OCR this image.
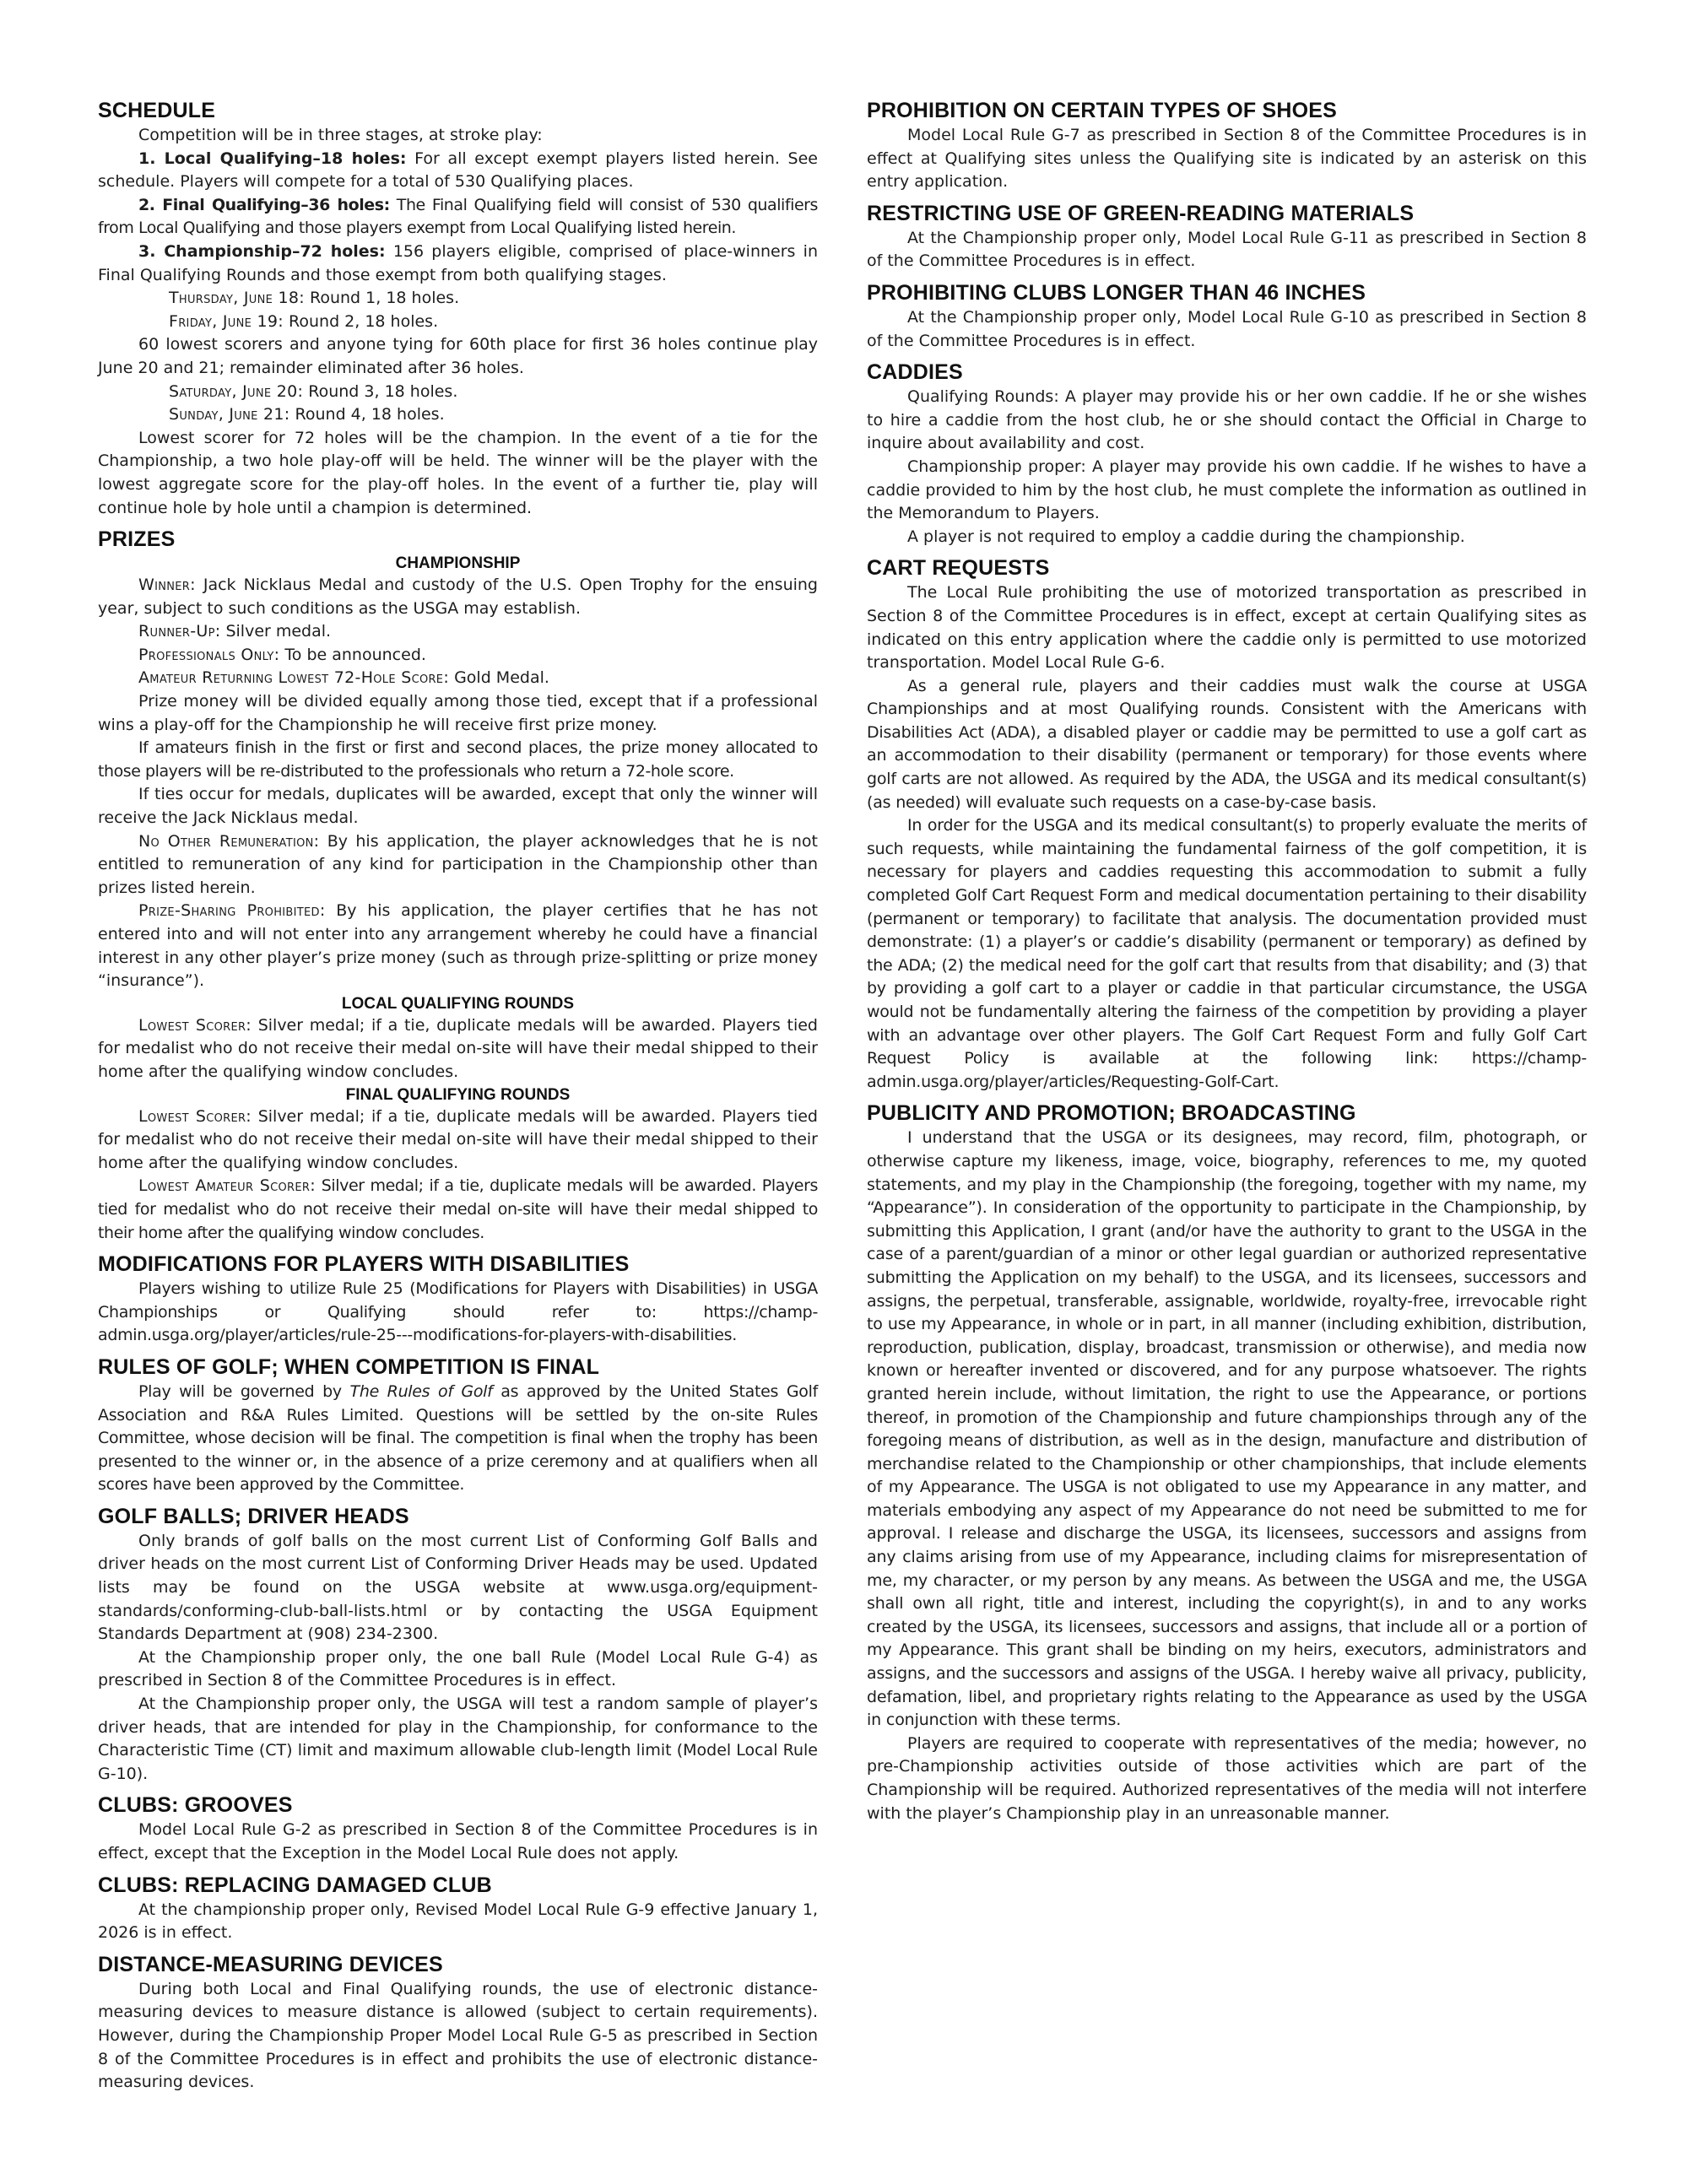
SCHEDULE

Competition will be in three stages, at stroke play:

1. Local Qualifying–18 holes: For all except exempt players listed herein. See schedule. Players will compete for a total of 530 Qualifying places.

2. Final Qualifying–36 holes: The Final Qualifying field will consist of 530 qualifiers from Local Qualifying and those players exempt from Local Qualifying listed herein.

3. Championship–72 holes: 156 players eligible, comprised of place-winners in Final Qualifying Rounds and those exempt from both qualifying stages.

Thursday, June 18: Round 1, 18 holes.

Friday, June 19: Round 2, 18 holes.

60 lowest scorers and anyone tying for 60th place for first 36 holes continue play June 20 and 21; remainder eliminated after 36 holes.

Saturday, June 20: Round 3, 18 holes.

Sunday, June 21: Round 4, 18 holes.

Lowest scorer for 72 holes will be the champion. In the event of a tie for the Championship, a two hole play-off will be held. The winner will be the player with the lowest aggregate score for the play-off holes. In the event of a further tie, play will continue hole by hole until a champion is determined.

PRIZES
CHAMPIONSHIP

Winner: Jack Nicklaus Medal and custody of the U.S. Open Trophy for the ensuing year, subject to such conditions as the USGA may establish.

Runner-Up: Silver medal.

Professionals Only: To be announced.

Amateur Returning Lowest 72-Hole Score: Gold Medal.

Prize money will be divided equally among those tied, except that if a professional wins a play-off for the Championship he will receive first prize money.

If amateurs finish in the first or first and second places, the prize money allocated to those players will be re-distributed to the professionals who return a 72-hole score.

If ties occur for medals, duplicates will be awarded, except that only the winner will receive the Jack Nicklaus medal.

No Other Remuneration: By his application, the player acknowledges that he is not entitled to remuneration of any kind for participation in the Championship other than prizes listed herein.

Prize-Sharing Prohibited: By his application, the player certifies that he has not entered into and will not enter into any arrangement whereby he could have a financial interest in any other player’s prize money (such as through prize-splitting or prize money “insurance”).

LOCAL QUALIFYING ROUNDS

Lowest Scorer: Silver medal; if a tie, duplicate medals will be awarded. Players tied for medalist who do not receive their medal on-site will have their medal shipped to their home after the qualifying window concludes.

FINAL QUALIFYING ROUNDS

Lowest Scorer: Silver medal; if a tie, duplicate medals will be awarded. Players tied for medalist who do not receive their medal on-site will have their medal shipped to their home after the qualifying window concludes.

Lowest Amateur Scorer: Silver medal; if a tie, duplicate medals will be awarded. Players tied for medalist who do not receive their medal on-site will have their medal shipped to their home after the qualifying window concludes.

MODIFICATIONS FOR PLAYERS WITH DISABILITIES

Players wishing to utilize Rule 25 (Modifications for Players with Disabilities) in USGA Championships or Qualifying should refer to: https://champ-admin.usga.org/player/articles/rule-25---modifications-for-players-with-disabilities.

RULES OF GOLF; WHEN COMPETITION IS FINAL

Play will be governed by The Rules of Golf as approved by the United States Golf Association and R&A Rules Limited. Questions will be settled by the on-site Rules Committee, whose decision will be final. The competition is final when the trophy has been presented to the winner or, in the absence of a prize ceremony and at qualifiers when all scores have been approved by the Committee.

GOLF BALLS; DRIVER HEADS

Only brands of golf balls on the most current List of Conforming Golf Balls and driver heads on the most current List of Conforming Driver Heads may be used. Updated lists may be found on the USGA website at www.usga.org/equipment-standards/conforming-club-ball-lists.html or by contacting the USGA Equipment Standards Department at (908) 234-2300.

At the Championship proper only, the one ball Rule (Model Local Rule G-4) as prescribed in Section 8 of the Committee Procedures is in effect.

At the Championship proper only, the USGA will test a random sample of player’s driver heads, that are intended for play in the Championship, for conformance to the Characteristic Time (CT) limit and maximum allowable club-length limit (Model Local Rule G-10).

CLUBS: GROOVES

Model Local Rule G-2 as prescribed in Section 8 of the Committee Procedures is in effect, except that the Exception in the Model Local Rule does not apply.

CLUBS: REPLACING DAMAGED CLUB

At the championship proper only, Revised Model Local Rule G-9 effective January 1, 2026 is in effect.

DISTANCE-MEASURING DEVICES

During both Local and Final Qualifying rounds, the use of electronic distance-measuring devices to measure distance is allowed (subject to certain requirements). However, during the Championship Proper Model Local Rule G-5 as prescribed in Section 8 of the Committee Procedures is in effect and prohibits the use of electronic distance-measuring devices.

PROHIBITION ON CERTAIN TYPES OF SHOES

Model Local Rule G-7 as prescribed in Section 8 of the Committee Procedures is in effect at Qualifying sites unless the Qualifying site is indicated by an asterisk on this entry application.

RESTRICTING USE OF GREEN-READING MATERIALS

At the Championship proper only, Model Local Rule G-11 as prescribed in Section 8 of the Committee Procedures is in effect.

PROHIBITING CLUBS LONGER THAN 46 INCHES

At the Championship proper only, Model Local Rule G-10 as prescribed in Section 8 of the Committee Procedures is in effect.

CADDIES

Qualifying Rounds: A player may provide his or her own caddie. If he or she wishes to hire a caddie from the host club, he or she should contact the Official in Charge to inquire about availability and cost.

Championship proper: A player may provide his own caddie. If he wishes to have a caddie provided to him by the host club, he must complete the information as outlined in the Memorandum to Players.

A player is not required to employ a caddie during the championship.

CART REQUESTS

The Local Rule prohibiting the use of motorized transportation as prescribed in Section 8 of the Committee Procedures is in effect, except at certain Qualifying sites as indicated on this entry application where the caddie only is permitted to use motorized transportation. Model Local Rule G-6.

As a general rule, players and their caddies must walk the course at USGA Championships and at most Qualifying rounds. Consistent with the Americans with Disabilities Act (ADA), a disabled player or caddie may be permitted to use a golf cart as an accommodation to their disability (permanent or temporary) for those events where golf carts are not allowed. As required by the ADA, the USGA and its medical consultant(s) (as needed) will evaluate such requests on a case-by-case basis.

In order for the USGA and its medical consultant(s) to properly evaluate the merits of such requests, while maintaining the fundamental fairness of the golf competition, it is necessary for players and caddies requesting this accommodation to submit a fully completed Golf Cart Request Form and medical documentation pertaining to their disability (permanent or temporary) to facilitate that analysis. The documentation provided must demonstrate: (1) a player’s or caddie’s disability (permanent or temporary) as defined by the ADA; (2) the medical need for the golf cart that results from that disability; and (3) that by providing a golf cart to a player or caddie in that particular circumstance, the USGA would not be fundamentally altering the fairness of the competition by providing a player with an advantage over other players. The Golf Cart Request Form and fully Golf Cart Request Policy is available at the following link: https://champ-admin.usga.org/player/articles/Requesting-Golf-Cart.

PUBLICITY AND PROMOTION; BROADCASTING

I understand that the USGA or its designees, may record, film, photograph, or otherwise capture my likeness, image, voice, biography, references to me, my quoted statements, and my play in the Championship (the foregoing, together with my name, my “Appearance”). In consideration of the opportunity to participate in the Championship, by submitting this Application, I grant (and/or have the authority to grant to the USGA in the case of a parent/guardian of a minor or other legal guardian or authorized representative submitting the Application on my behalf) to the USGA, and its licensees, successors and assigns, the perpetual, transferable, assignable, worldwide, royalty-free, irrevocable right to use my Appearance, in whole or in part, in all manner (including exhibition, distribution, reproduction, publication, display, broadcast, transmission or otherwise), and media now known or hereafter invented or discovered, and for any purpose whatsoever. The rights granted herein include, without limitation, the right to use the Appearance, or portions thereof, in promotion of the Championship and future championships through any of the foregoing means of distribution, as well as in the design, manufacture and distribution of merchandise related to the Championship or other championships, that include elements of my Appearance. The USGA is not obligated to use my Appearance in any matter, and materials embodying any aspect of my Appearance do not need be submitted to me for approval. I release and discharge the USGA, its licensees, successors and assigns from any claims arising from use of my Appearance, including claims for misrepresentation of me, my character, or my person by any means. As between the USGA and me, the USGA shall own all right, title and interest, including the copyright(s), in and to any works created by the USGA, its licensees, successors and assigns, that include all or a portion of my Appearance. This grant shall be binding on my heirs, executors, administrators and assigns, and the successors and assigns of the USGA. I hereby waive all privacy, publicity, defamation, libel, and proprietary rights relating to the Appearance as used by the USGA in conjunction with these terms.

Players are required to cooperate with representatives of the media; however, no pre-Championship activities outside of those activities which are part of the Championship will be required. Authorized representatives of the media will not interfere with the player’s Championship play in an unreasonable manner.
